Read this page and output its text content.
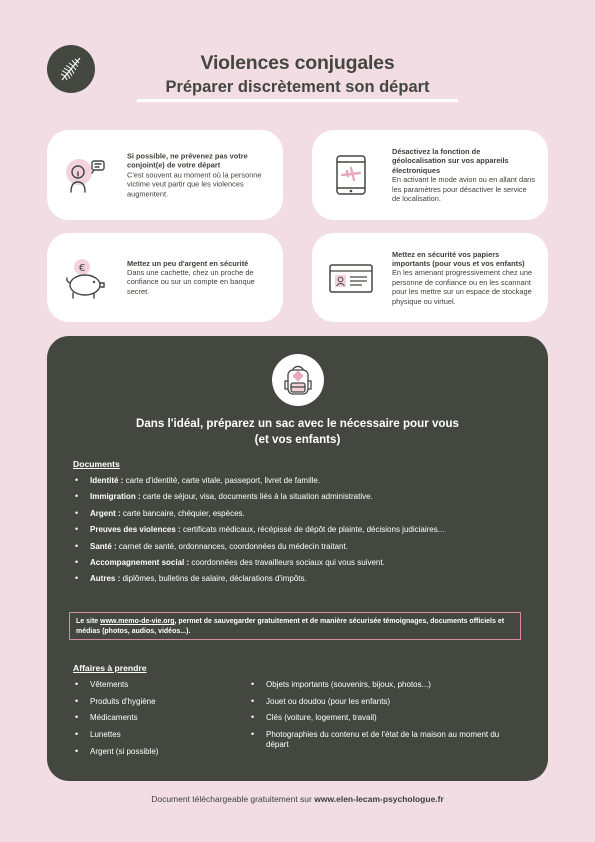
Violences conjugales
Préparer discrètement son départ
Si possible, ne prévenez pas votre conjoint(e) de votre départ
C'est souvent au moment où la personne victime veut partir que les violences augmentent.
Désactivez la fonction de géolocalisation sur vos appareils électroniques
En activant le mode avion ou en allant dans les paramètres pour désactiver le service de localisation.
€	Mettez un peu d'argent en sécurité
Dans une cachette, chez un proche de confiance ou sur un compte en banque secret.
Mettez en sécurité vos papiers importants (pour vous et vos enfants)
En les amenant progressivement chez une personne de confiance ou en les scannant pour les mettre sur un espace de stockage physique ou virtuel.
Dans l'idéal, préparez un sac avec le nécessaire pour vous
(et vos enfants)
Documents
• Identité : carte d'identité, carte vitale, passeport, livret de famille.
• Immigration : carte de séjour, visa, documents liés à la situation administrative.
• Argent : carte bancaire, chéquier, espèces.
• Preuves des violences : certificats médicaux, récépissé de dépôt de plainte, décisions judiciaires...
• Santé : carnet de santé, ordonnances, coordonnées du médecin traitant.
• Accompagnement social : coordonnées des travailleurs sociaux qui vous suivent.
• Autres : diplômes, bulletins de salaire, déclarations d'impôts.
Le site www.memo-de-vie.org, permet de sauvegarder gratuitement et de manière sécurisée témoignages, documents officiels et médias (photos, audios, vidéos...).
Affaires à prendre
• Vêtements
• Produits d'hygiène
• Médicaments
• Lunettes
• Argent (si possible)
• Objets importants (souvenirs, bijoux, photos...)
• Jouet ou doudou (pour les enfants)
• Clés (voiture, logement, travail)
• Photographies du contenu et de l'état de la maison au moment du départ
Document téléchargeable gratuitement sur www.elen-lecam-psychologue.fr
